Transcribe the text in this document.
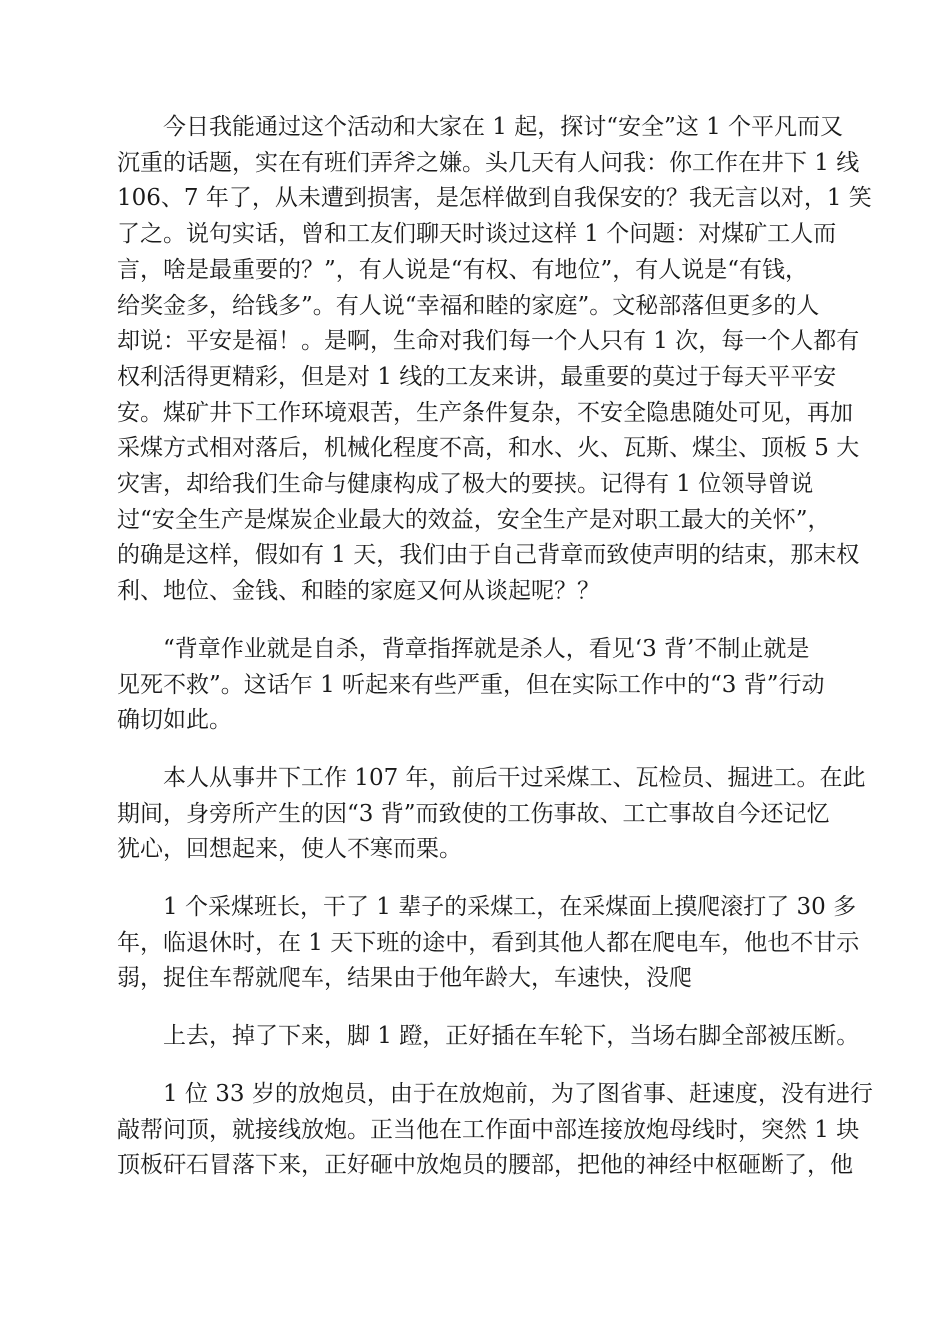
今日我能通过这个活动和大家在 1 起，探讨“安全”这 1 个平凡而又
沉重的话题，实在有班们弄斧之嫌。头几天有人问我：你工作在井下 1 线
106、7 年了，从未遭到损害，是怎样做到自我保安的？我无言以对，1 笑
了之。说句实话，曾和工友们聊天时谈过这样 1 个问题：对煤矿工人而
言，啥是最重要的？”，有人说是“有权、有地位”，有人说是“有钱，
给奖金多，给钱多”。有人说“幸福和睦的家庭”。文秘部落但更多的人
却说：平安是福！。是啊，生命对我们每一个人只有 1 次，每一个人都有
权利活得更精彩，但是对 1 线的工友来讲，最重要的莫过于每天平平安
安。煤矿井下工作环境艰苦，生产条件复杂，不安全隐患随处可见，再加
采煤方式相对落后，机械化程度不高，和水、火、瓦斯、煤尘、顶板 5 大
灾害，却给我们生命与健康构成了极大的要挟。记得有 1 位领导曾说
过“安全生产是煤炭企业最大的效益，安全生产是对职工最大的关怀”，
的确是这样，假如有 1 天，我们由于自己背章而致使声明的结束，那末权
利、地位、金钱、和睦的家庭又何从谈起呢？？

“背章作业就是自杀，背章指挥就是杀人，看见‘3 背’不制止就是
见死不救”。这话乍 1 听起来有些严重，但在实际工作中的“3 背”行动
确切如此。

本人从事井下工作 107 年，前后干过采煤工、瓦检员、掘进工。在此
期间，身旁所产生的因“3 背”而致使的工伤事故、工亡事故自今还记忆
犹心，回想起来，使人不寒而栗。

1 个采煤班长，干了 1 辈子的采煤工，在采煤面上摸爬滚打了 30 多
年，临退休时，在 1 天下班的途中，看到其他人都在爬电车，他也不甘示
弱，捉住车帮就爬车，结果由于他年龄大，车速快，没爬

上去，掉了下来，脚 1 蹬，正好插在车轮下，当场右脚全部被压断。

1 位 33 岁的放炮员，由于在放炮前，为了图省事、赶速度，没有进行
敲帮问顶，就接线放炮。正当他在工作面中部连接放炮母线时，突然 1 块
顶板矸石冒落下来，正好砸中放炮员的腰部，把他的神经中枢砸断了，他
